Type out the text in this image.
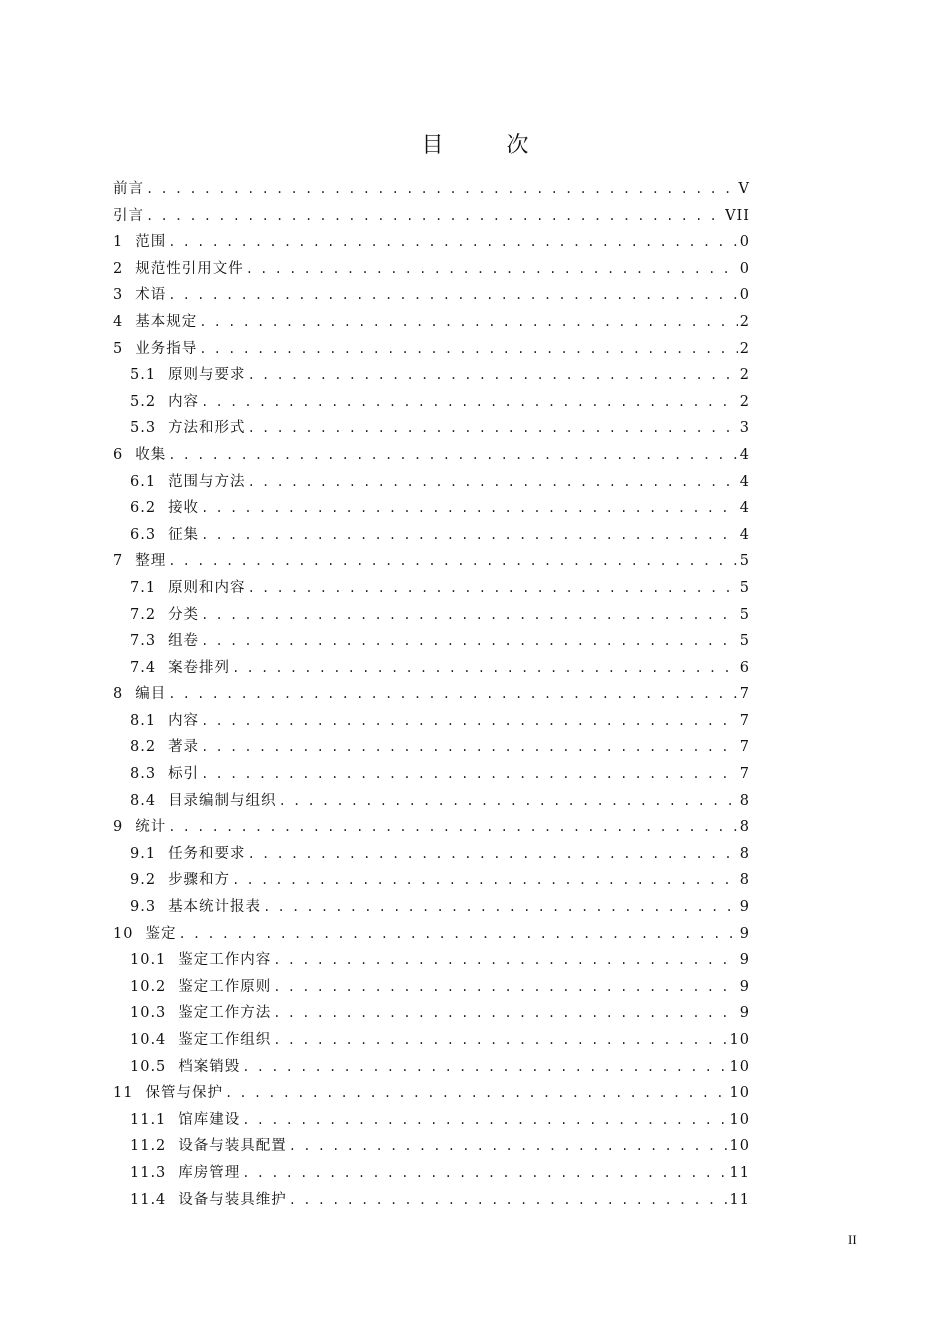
目 次
前言 . . .	V
引言 . . .	VII
1 范围 . . .	0
2 规范性引用文件 . . .	0
3 术语 . . .	0
4 基本规定 . . .	2
5 业务指导 . . .	2
5.1 原则与要求 . . .	2
5.2 内容 . . .	2
5.3 方法和形式 . . .	3
6 收集 . . .	4
6.1 范围与方法 . . .	4
6.2 接收 . . .	4
6.3 征集 . . .	4
7 整理 . . .	5
7.1 原则和内容 . . .	5
7.2 分类 . . .	5
7.3 组卷 . . .	5
7.4 案卷排列 . . .	6
8 编目 . . .	7
8.1 内容 . . .	7
8.2 著录 . . .	7
8.3 标引 . . .	7
8.4 目录编制与组织 . . .	8
9 统计 . . .	8
9.1 任务和要求 . . .	8
9.2 步骤和方 . . .	8
9.3 基本统计报表 . . .	9
10 鉴定 . . .	9
10.1 鉴定工作内容 . . .	9
10.2 鉴定工作原则 . . .	9
10.3 鉴定工作方法 . . .	9
10.4 鉴定工作组织 . . .	10
10.5 档案销毁 . . .	10
11 保管与保护 . . .	10
11.1 馆库建设 . . .	10
11.2 设备与装具配置 . . .	10
11.3 库房管理 . . .	11
11.4 设备与装具维护 . . .	11
II
